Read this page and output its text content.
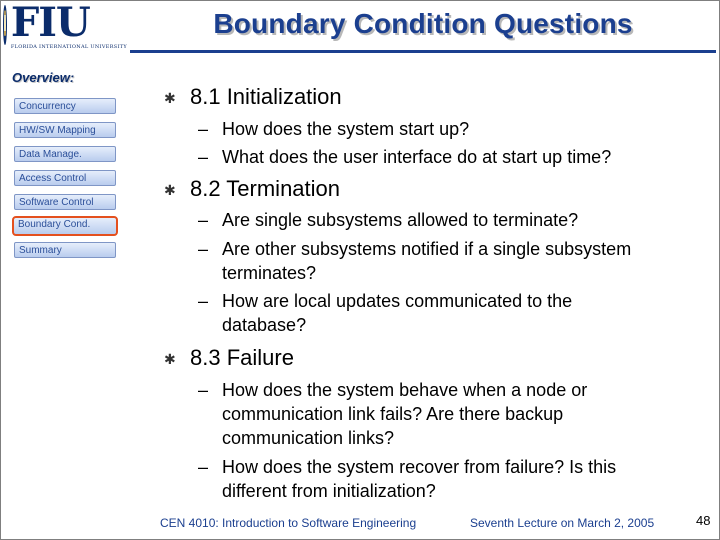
FIU
FLORIDA INTERNATIONAL UNIVERSITY
Boundary Condition Questions
Overview:
Concurrency
HW/SW Mapping
Data Manage.
Access Control
Software Control
Boundary Cond.
Summary
✱ 8.1 Initialization
– How does the system start up?
– What does the user interface do at start up time?
✱ 8.2 Termination
– Are single subsystems allowed to terminate?
– Are other subsystems notified if a single subsystem terminates?
– How are local updates communicated to the database?
✱ 8.3 Failure
– How does the system behave when a node or communication link fails? Are there backup communication links?
– How does the system recover from failure? Is this different from initialization?
CEN 4010: Introduction to Software Engineering	Seventh Lecture on March 2, 2005	48
